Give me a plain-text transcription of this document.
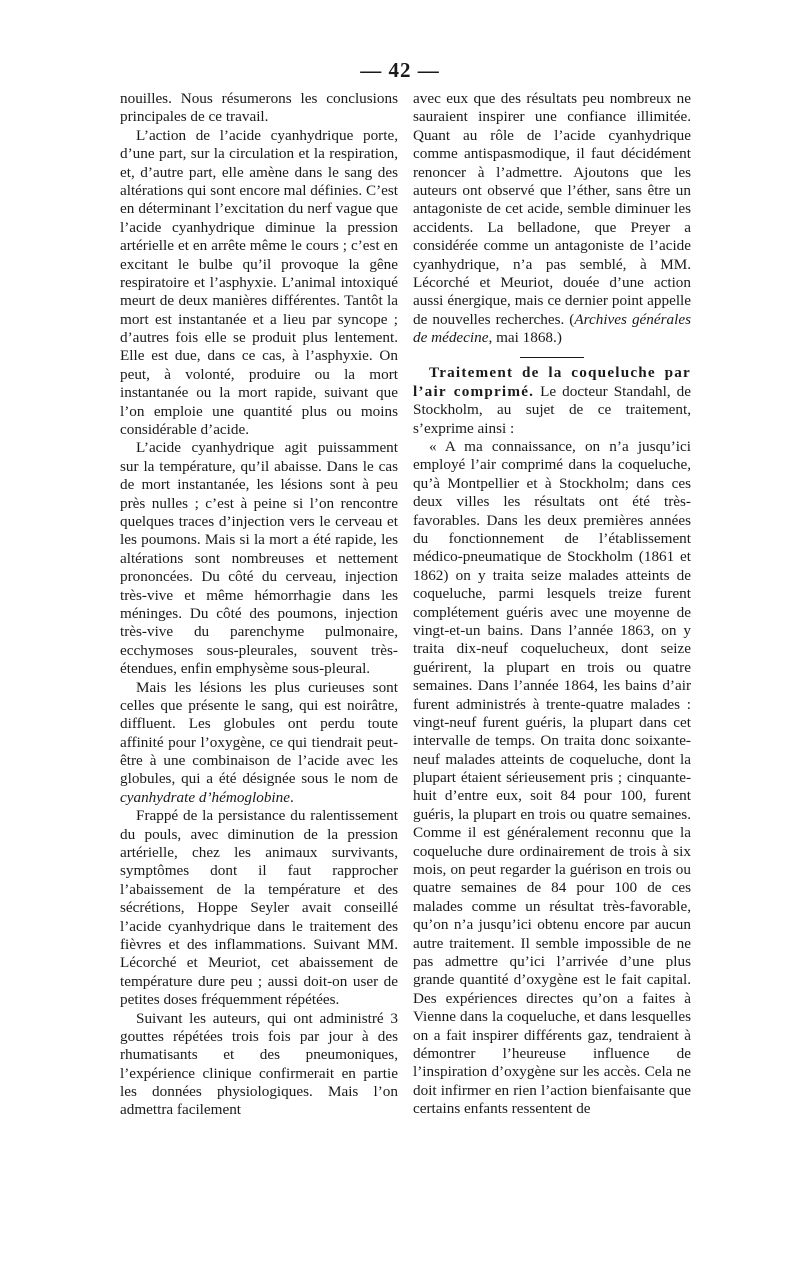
— 42 —

nouilles. Nous résumerons les conclusions principales de ce travail.

L’action de l’acide cyanhydrique porte, d’une part, sur la circulation et la respiration, et, d’autre part, elle amène dans le sang des altérations qui sont encore mal définies. C’est en déterminant l’excitation du nerf vague que l’acide cyanhydrique diminue la pression artérielle et en arrête même le cours ; c’est en excitant le bulbe qu’il provoque la gêne respiratoire et l’asphyxie. L’animal intoxiqué meurt de deux manières différentes. Tantôt la mort est instantanée et a lieu par syncope ; d’autres fois elle se produit plus lentement. Elle est due, dans ce cas, à l’asphyxie. On peut, à volonté, produire ou la mort instantanée ou la mort rapide, suivant que l’on emploie une quantité plus ou moins considérable d’acide.

L’acide cyanhydrique agit puissamment sur la température, qu’il abaisse. Dans le cas de mort instantanée, les lésions sont à peu près nulles ; c’est à peine si l’on rencontre quelques traces d’injection vers le cerveau et les poumons. Mais si la mort a été rapide, les altérations sont nombreuses et nettement prononcées. Du côté du cerveau, injection très-vive et même hémorrhagie dans les méninges. Du côté des poumons, injection très-vive du parenchyme pulmonaire, ecchymoses sous-pleurales, souvent très-étendues, enfin emphysème sous-pleural.

Mais les lésions les plus curieuses sont celles que présente le sang, qui est noirâtre, diffluent. Les globules ont perdu toute affinité pour l’oxygène, ce qui tiendrait peut-être à une combinaison de l’acide avec les globules, qui a été désignée sous le nom de cyanhydrate d’hémoglobine.

Frappé de la persistance du ralentissement du pouls, avec diminution de la pression artérielle, chez les animaux survivants, symptômes dont il faut rapprocher l’abaissement de la température et des sécrétions, Hoppe Seyler avait conseillé l’acide cyanhydrique dans le traitement des fièvres et des inflammations. Suivant MM. Lécorché et Meuriot, cet abaissement de température dure peu ; aussi doit-on user de petites doses fréquemment répétées.

Suivant les auteurs, qui ont administré 3 gouttes répétées trois fois par jour à des rhumatisants et des pneumoniques, l’expérience clinique confirmerait en partie les données physiologiques. Mais l’on admettra facilement

avec eux que des résultats peu nombreux ne sauraient inspirer une confiance illimitée. Quant au rôle de l’acide cyanhydrique comme antispasmodique, il faut décidément renoncer à l’admettre. Ajoutons que les auteurs ont observé que l’éther, sans être un antagoniste de cet acide, semble diminuer les accidents. La belladone, que Preyer a considérée comme un antagoniste de l’acide cyanhydrique, n’a pas semblé, à MM. Lécorché et Meuriot, douée d’une action aussi énergique, mais ce dernier point appelle de nouvelles recherches. (Archives générales de médecine, mai 1868.)

Traitement de la coqueluche par l’air comprimé. Le docteur Standahl, de Stockholm, au sujet de ce traitement, s’exprime ainsi :

« A ma connaissance, on n’a jusqu’ici employé l’air comprimé dans la coqueluche, qu’à Montpellier et à Stockholm; dans ces deux villes les résultats ont été très-favorables. Dans les deux premières années du fonctionnement de l’établissement médico-pneumatique de Stockholm (1861 et 1862) on y traita seize malades atteints de coqueluche, parmi lesquels treize furent complétement guéris avec une moyenne de vingt-et-un bains. Dans l’année 1863, on y traita dix-neuf coquelucheux, dont seize guérirent, la plupart en trois ou quatre semaines. Dans l’année 1864, les bains d’air furent administrés à trente-quatre malades : vingt-neuf furent guéris, la plupart dans cet intervalle de temps. On traita donc soixante-neuf malades atteints de coqueluche, dont la plupart étaient sérieusement pris ; cinquante-huit d’entre eux, soit 84 pour 100, furent guéris, la plupart en trois ou quatre semaines. Comme il est généralement reconnu que la coqueluche dure ordinairement de trois à six mois, on peut regarder la guérison en trois ou quatre semaines de 84 pour 100 de ces malades comme un résultat très-favorable, qu’on n’a jusqu’ici obtenu encore par aucun autre traitement. Il semble impossible de ne pas admettre qu’ici l’arrivée d’une plus grande quantité d’oxygène est le fait capital. Des expériences directes qu’on a faites à Vienne dans la coqueluche, et dans lesquelles on a fait inspirer différents gaz, tendraient à démontrer l’heureuse influence de l’inspiration d’oxygène sur les accès. Cela ne doit infirmer en rien l’action bienfaisante que certains enfants ressentent de
